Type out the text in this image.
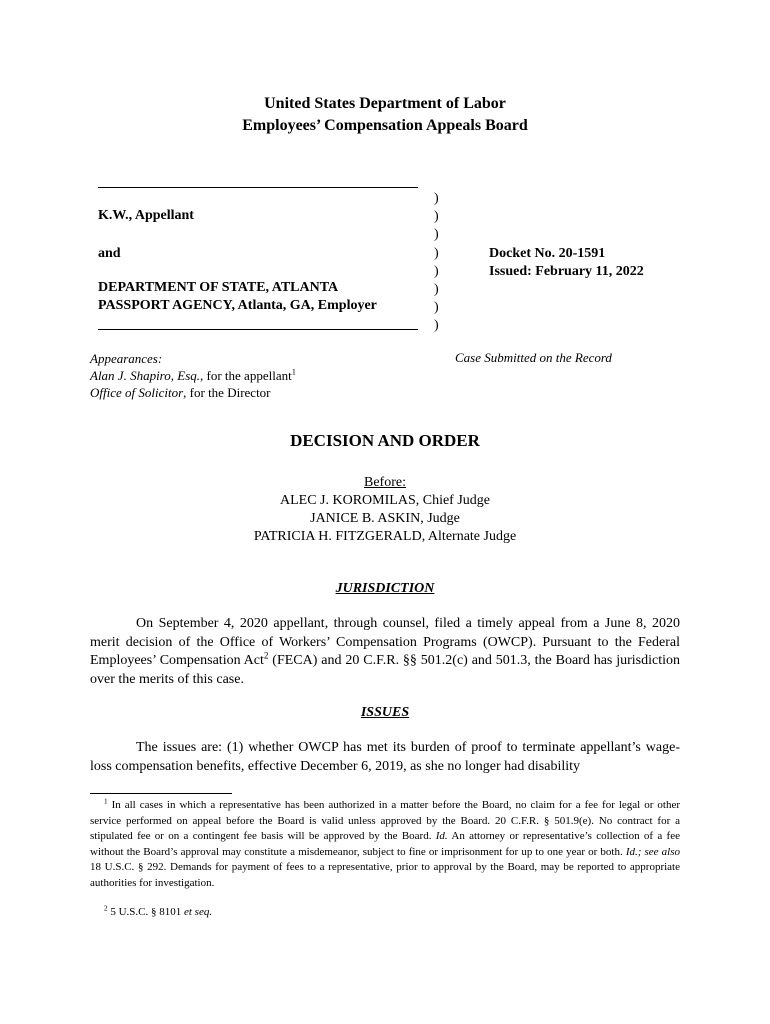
United States Department of Labor
Employees’ Compensation Appeals Board
K.W., Appellant
and
DEPARTMENT OF STATE, ATLANTA
PASSPORT AGENCY, Atlanta, GA, Employer
)
)
)
)
)
)
)
)
Docket No. 20-1591
Issued: February 11, 2022
Appearances:
Alan J. Shapiro, Esq., for the appellant$^1$
Office of Solicitor, for the Director
Case Submitted on the Record
DECISION AND ORDER
Before:
ALEC J. KOROMILAS, Chief Judge
JANICE B. ASKIN, Judge
PATRICIA H. FITZGERALD, Alternate Judge
JURISDICTION
On September 4, 2020 appellant, through counsel, filed a timely appeal from a June 8, 2020 merit decision of the Office of Workers’ Compensation Programs (OWCP). Pursuant to the Federal Employees’ Compensation Act$^2$ (FECA) and 20 C.F.R. §§ 501.2(c) and 501.3, the Board has jurisdiction over the merits of this case.
ISSUES
The issues are: (1) whether OWCP has met its burden of proof to terminate appellant’s wage-loss compensation benefits, effective December 6, 2019, as she no longer had disability
$^1$ In all cases in which a representative has been authorized in a matter before the Board, no claim for a fee for legal or other service performed on appeal before the Board is valid unless approved by the Board. 20 C.F.R. § 501.9(e). No contract for a stipulated fee or on a contingent fee basis will be approved by the Board. Id. An attorney or representative’s collection of a fee without the Board’s approval may constitute a misdemeanor, subject to fine or imprisonment for up to one year or both. Id.; see also 18 U.S.C. § 292. Demands for payment of fees to a representative, prior to approval by the Board, may be reported to appropriate authorities for investigation.
$^2$ 5 U.S.C. § 8101 et seq.
